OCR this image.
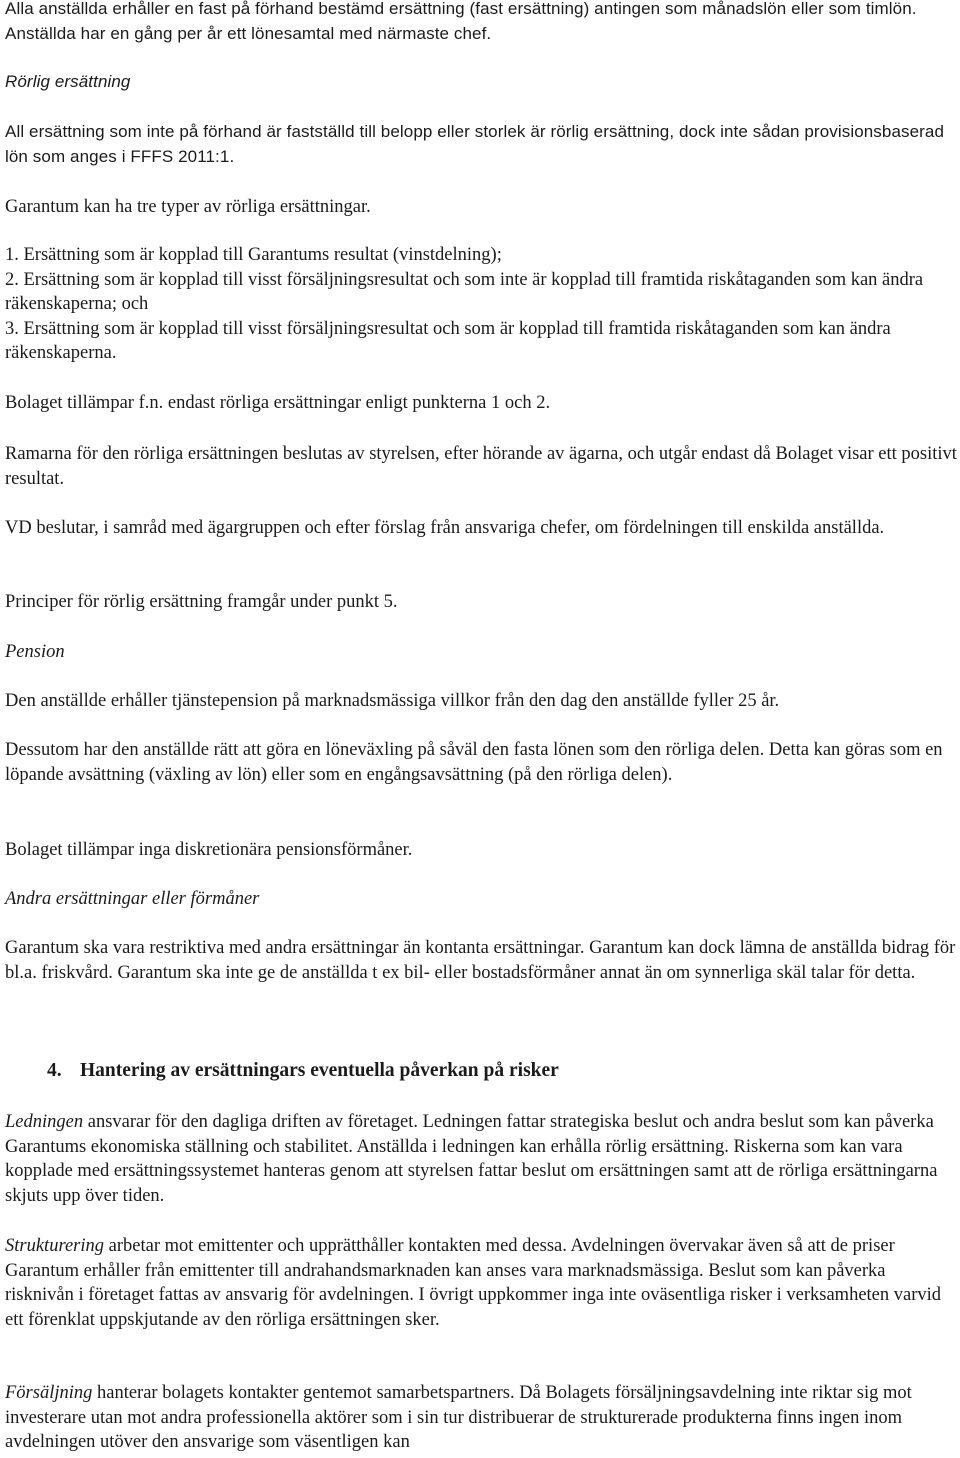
Alla anställda erhåller en fast på förhand bestämd ersättning (fast ersättning) antingen som månadslön eller som timlön. Anställda har en gång per år ett lönesamtal med närmaste chef.

Rörlig ersättning

All ersättning som inte på förhand är fastställd till belopp eller storlek är rörlig ersättning, dock inte sådan provisionsbaserad lön som anges i FFFS 2011:1.

Garantum kan ha tre typer av rörliga ersättningar.

1. Ersättning som är kopplad till Garantums resultat (vinstdelning);

2. Ersättning som är kopplad till visst försäljningsresultat och som inte är kopplad till framtida riskåtaganden som kan ändra räkenskaperna; och

3. Ersättning som är kopplad till visst försäljningsresultat och som är kopplad till framtida riskåtaganden som kan ändra räkenskaperna.

Bolaget tillämpar f.n. endast rörliga ersättningar enligt punkterna 1 och 2.

Ramarna för den rörliga ersättningen beslutas av styrelsen, efter hörande av ägarna, och utgår endast då Bolaget visar ett positivt resultat.

VD beslutar, i samråd med ägargruppen och efter förslag från ansvariga chefer, om fördelningen till enskilda anställda.

Principer för rörlig ersättning framgår under punkt 5.

Pension

Den anställde erhåller tjänstepension på marknadsmässiga villkor från den dag den anställde fyller 25 år.

Dessutom har den anställde rätt att göra en löneväxling på såväl den fasta lönen som den rörliga delen. Detta kan göras som en löpande avsättning (växling av lön) eller som en engångsavsättning (på den rörliga delen).

Bolaget tillämpar inga diskretionära pensionsförmåner.

Andra ersättningar eller förmåner

Garantum ska vara restriktiva med andra ersättningar än kontanta ersättningar. Garantum kan dock lämna de anställda bidrag för bl.a. friskvård. Garantum ska inte ge de anställda t ex bil- eller bostadsförmåner annat än om synnerliga skäl talar för detta.

4. Hantering av ersättningars eventuella påverkan på risker

Ledningen ansvarar för den dagliga driften av företaget. Ledningen fattar strategiska beslut och andra beslut som kan påverka Garantums ekonomiska ställning och stabilitet. Anställda i ledningen kan erhålla rörlig ersättning. Riskerna som kan vara kopplade med ersättningssystemet hanteras genom att styrelsen fattar beslut om ersättningen samt att de rörliga ersättningarna skjuts upp över tiden.

Strukturering arbetar mot emittenter och upprätthåller kontakten med dessa. Avdelningen övervakar även så att de priser Garantum erhåller från emittenter till andrahandsmarknaden kan anses vara marknadsmässiga. Beslut som kan påverka risknivån i företaget fattas av ansvarig för avdelningen. I övrigt uppkommer inga inte oväsentliga risker i verksamheten varvid ett förenklat uppskjutande av den rörliga ersättningen sker.

Försäljning hanterar bolagets kontakter gentemot samarbetspartners. Då Bolagets försäljningsavdelning inte riktar sig mot investerare utan mot andra professionella aktörer som i sin tur distribuerar de strukturerade produkterna finns ingen inom avdelningen utöver den ansvarige som väsentligen kan
